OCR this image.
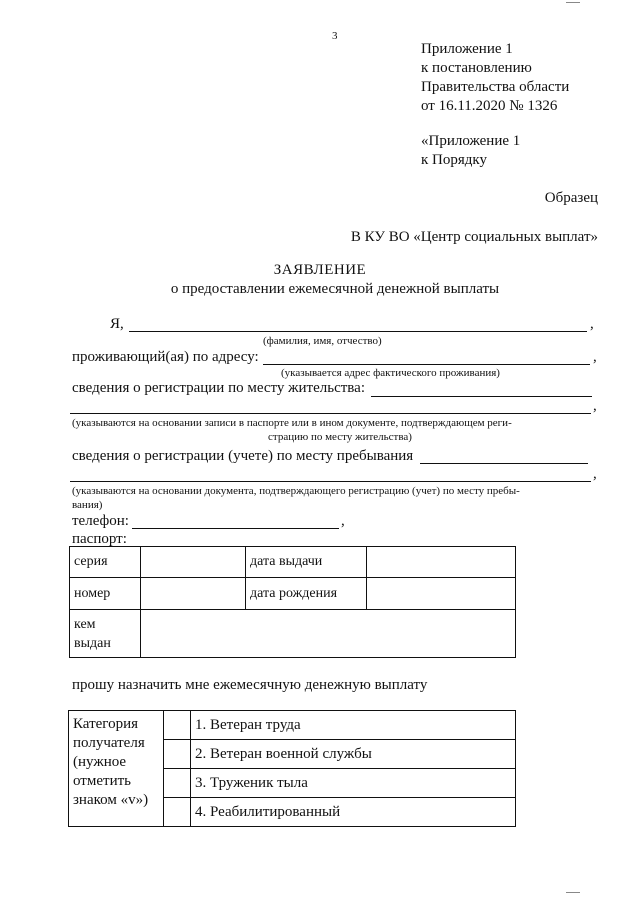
3
Приложение 1
к постановлению
Правительства области
от 16.11.2020 № 1326
«Приложение 1
к Порядку
Образец
В КУ ВО «Центр социальных выплат»
ЗАЯВЛЕНИЕ
о предоставлении ежемесячной денежной выплаты
Я,	,
(фамилия, имя, отчество)
проживающий(ая) по адресу:	,
(указывается адрес фактического проживания)
сведения о регистрации по месту жительства:
,
(указываются на основании записи в паспорте или в ином документе, подтверждающем реги-
страцию по месту жительства)
сведения о регистрации (учете) по месту пребывания
,
(указываются на основании документа, подтверждающего регистрацию (учет) по месту пребы-
вания)
телефон:	,
паспорт:
серия		дата выдачи	
номер		дата рождения	

кем
выдан			

прошу назначить мне ежемесячную денежную выплату
Категория
получателя
(нужное
отметить
знаком «v»)		1. Ветеран труда
		2. Ветеран военной службы
		3. Труженик тыла
		4. Реабилитированный
